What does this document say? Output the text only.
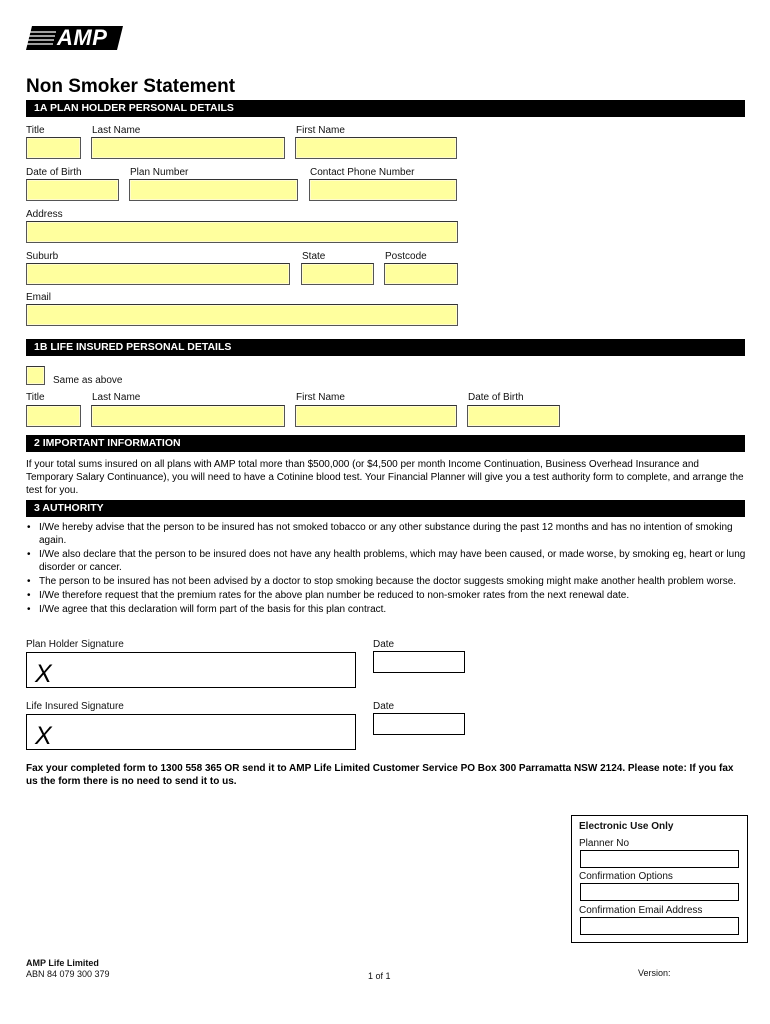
AMP
Non Smoker Statement
1A PLAN HOLDER PERSONAL DETAILS
Title	Last Name	First Name
Date of Birth	Plan Number	Contact Phone Number
Address
Suburb	State	Postcode
Email
1B LIFE INSURED PERSONAL DETAILS
Same as above
Title	Last Name	First Name	Date of Birth
2 IMPORTANT INFORMATION
If your total sums insured on all plans with AMP total more than $500,000 (or $4,500 per month Income Continuation, Business Overhead Insurance and Temporary Salary Continuance), you will need to have a Cotinine blood test. Your Financial Planner will give you a test authority form to complete, and arrange the test for you.
3 AUTHORITY
• I/We hereby advise that the person to be insured has not smoked tobacco or any other substance during the past 12 months and has no intention of smoking again.
• I/We also declare that the person to be insured does not have any health problems, which may have been caused, or made worse, by smoking eg, heart or lung disorder or cancer.
• The person to be insured has not been advised by a doctor to stop smoking because the doctor suggests smoking might make another health problem worse.
• I/We therefore request that the premium rates for the above plan number be reduced to non-smoker rates from the next renewal date.
• I/We agree that this declaration will form part of the basis for this plan contract.
Plan Holder Signature	Date
X
Life Insured Signature	Date
X
Fax your completed form to 1300 558 365 OR send it to AMP Life Limited Customer Service PO Box 300 Parramatta NSW 2124. Please note: If you fax us the form there is no need to send it to us.
Electronic Use Only
Planner No
Confirmation Options
Confirmation Email Address
AMP Life Limited
ABN 84 079 300 379	1 of 1	Version:
